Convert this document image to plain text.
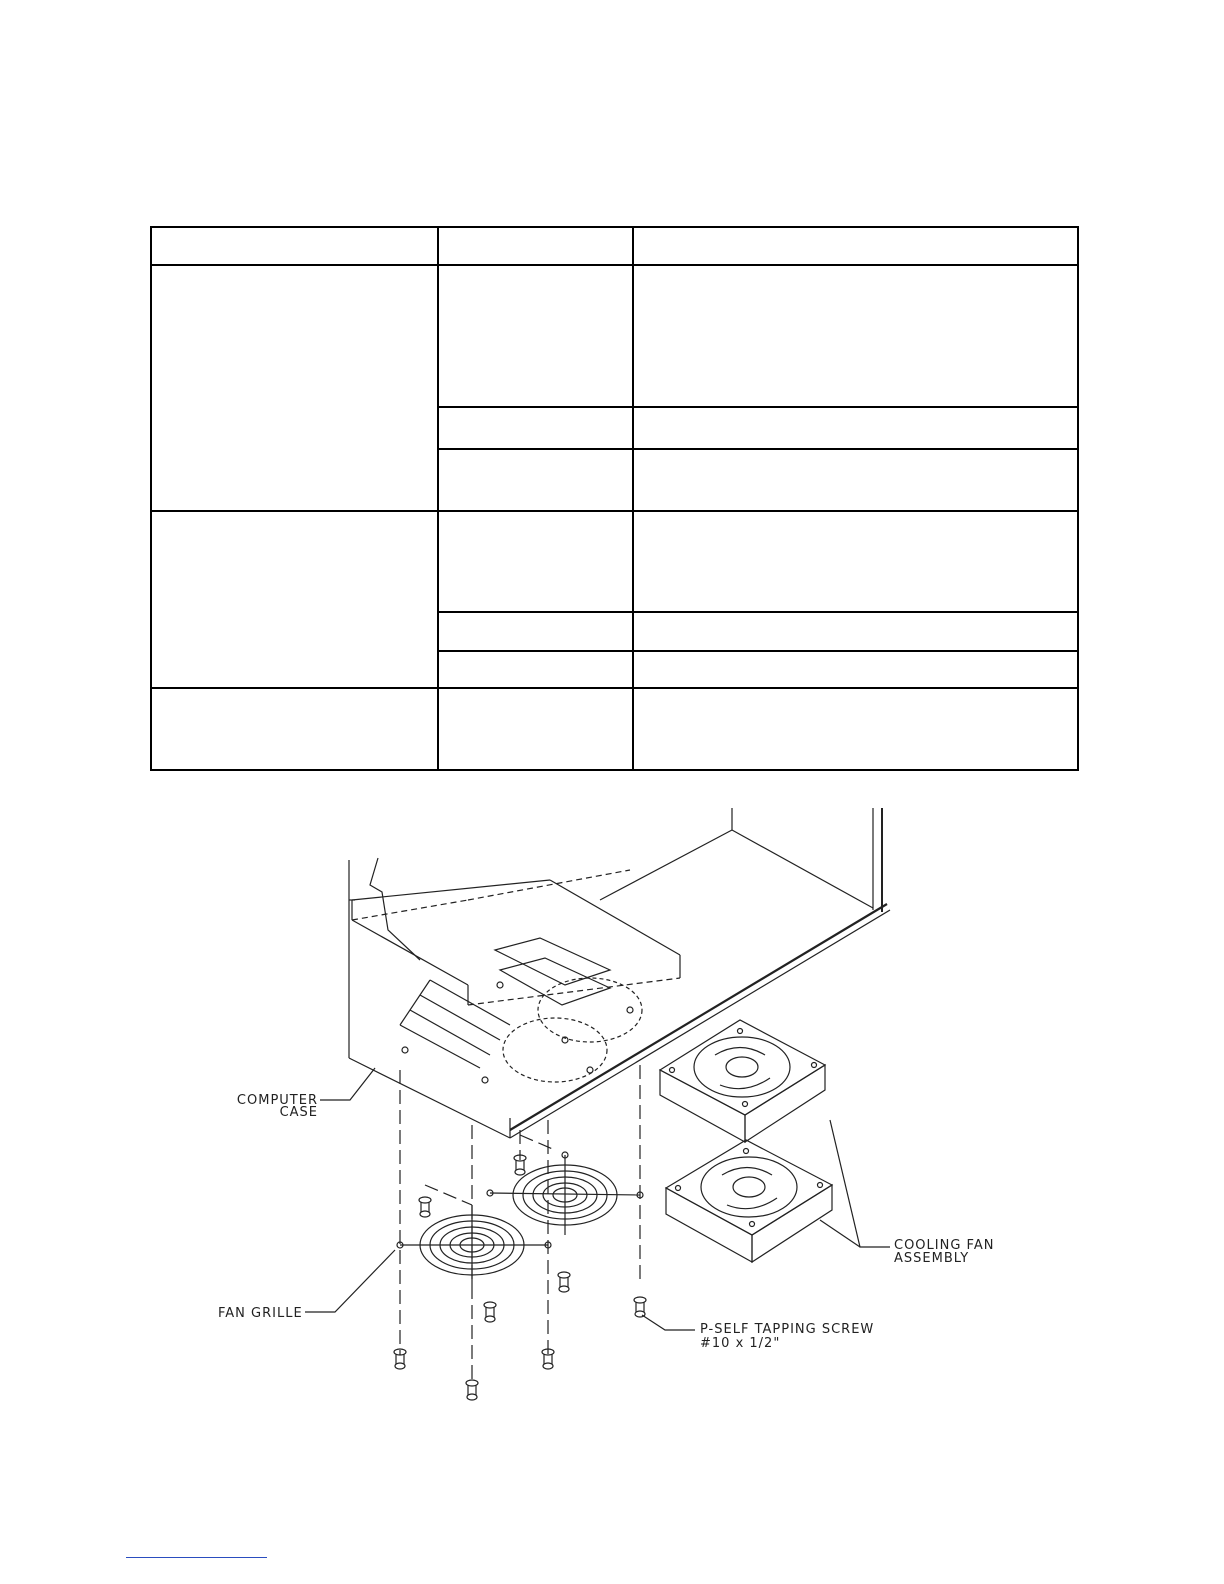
COMPUTER
CASE
COOLING FAN
ASSEMBLY
FAN GRILLE
P-SELF TAPPING SCREW
#10 x 1/2"
